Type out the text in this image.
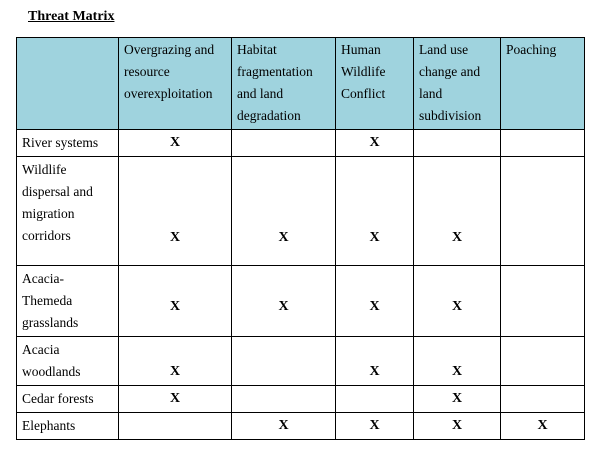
Threat Matrix
	Overgrazing and resource overexploitation	Habitat fragmentation and land degradation	Human Wildlife Conflict	Land use change and land subdivision	Poaching
River systems	X		X		
Wildlife dispersal and migration corridors	X	X	X	X	
Acacia-Themeda grasslands	X	X	X	X	
Acacia woodlands	X		X	X	
Cedar forests	X			X	
Elephants		X	X	X	X
